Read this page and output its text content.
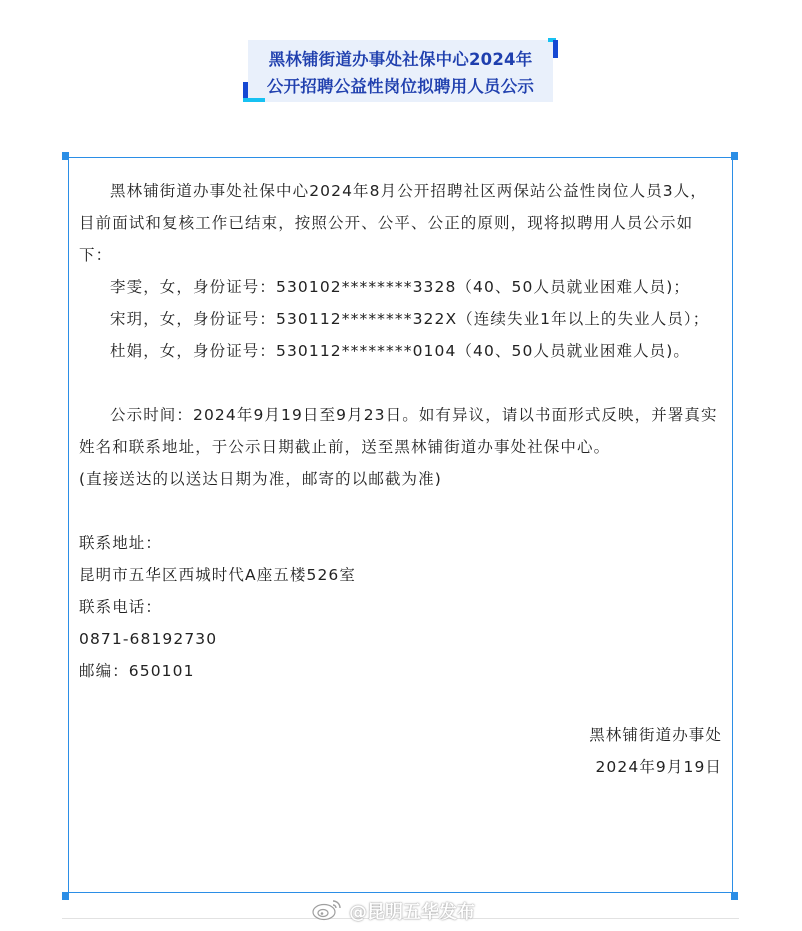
黑林铺街道办事处社保中心2024年
公开招聘公益性岗位拟聘用人员公示

黑林铺街道办事处社保中心2024年8月公开招聘社区两保站公益性岗位人员3人，目前面试和复核工作已结束，按照公开、公平、公正的原则，现将拟聘用人员公示如下：

李雯，女，身份证号：530102********3328（40、50人员就业困难人员)；

宋玥，女，身份证号：530112********322X（连续失业1年以上的失业人员）；

杜娟，女，身份证号：530112********0104（40、50人员就业困难人员)。

公示时间：2024年9月19日至9月23日。如有异议，请以书面形式反映，并署真实姓名和联系地址，于公示日期截止前，送至黑林铺街道办事处社保中心。

(直接送达的以送达日期为准，邮寄的以邮截为准)

联系地址：

昆明市五华区西城时代A座五楼526室

联系电话：

0871-68192730

邮编：650101

黑林铺街道办事处

2024年9月19日

@昆明五华发布
